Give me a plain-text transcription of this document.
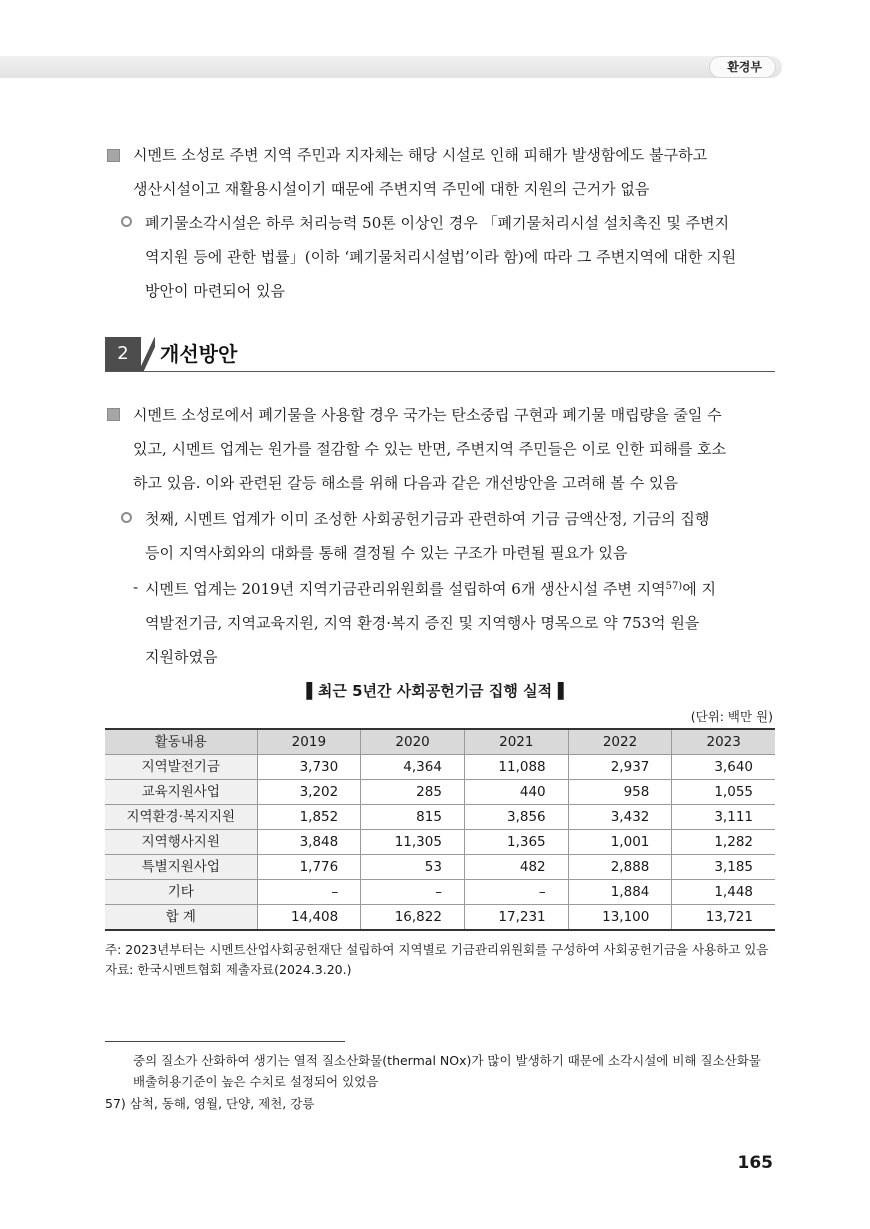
환경부
시멘트 소성로 주변 지역 주민과 지자체는 해당 시설로 인해 피해가 발생함에도 불구하고
생산시설이고 재활용시설이기 때문에 주변지역 주민에 대한 지원의 근거가 없음
폐기물소각시설은 하루 처리능력 50톤 이상인 경우 「폐기물처리시설 설치촉진 및 주변지
역지원 등에 관한 법률」(이하 ‘폐기물처리시설법’이라 함)에 따라 그 주변지역에 대한 지원
방안이 마련되어 있음
2	개선방안
시멘트 소성로에서 폐기물을 사용할 경우 국가는 탄소중립 구현과 폐기물 매립량을 줄일 수
있고, 시멘트 업계는 원가를 절감할 수 있는 반면, 주변지역 주민들은 이로 인한 피해를 호소
하고 있음. 이와 관련된 갈등 해소를 위해 다음과 같은 개선방안을 고려해 볼 수 있음
첫째, 시멘트 업계가 이미 조성한 사회공헌기금과 관련하여 기금 금액산정, 기금의 집행
등이 지역사회와의 대화를 통해 결정될 수 있는 구조가 마련될 필요가 있음
- 시멘트 업계는 2019년 지역기금관리위원회를 설립하여 6개 생산시설 주변 지역$^{57)}$에 지
역발전기금, 지역교육지원, 지역 환경·복지 증진 및 지역행사 명목으로 약 753억 원을
지원하였음
▌최근 5년간 사회공헌기금 집행 실적▐
(단위: 백만 원)
활동내용	2019	2020	2021	2022	2023
지역발전기금	3,730	4,364	11,088	2,937	3,640
교육지원사업	3,202	285	440	958	1,055
지역환경·복지지원	1,852	815	3,856	3,432	3,111
지역행사지원	3,848	11,305	1,365	1,001	1,282
특별지원사업	1,776	53	482	2,888	3,185
기타	–	–	–	1,884	1,448
합 계	14,408	16,822	17,231	13,100	13,721
주: 2023년부터는 시멘트산업사회공헌재단 설립하여 지역별로 기금관리위원회를 구성하여 사회공헌기금을 사용하고 있음
자료: 한국시멘트협회 제출자료(2024.3.20.)
중의 질소가 산화하여 생기는 열적 질소산화물(thermal NOx)가 많이 발생하기 때문에 소각시설에 비해 질소산화물
배출허용기준이 높은 수치로 설정되어 있었음
57) 삼척, 동해, 영월, 단양, 제천, 강릉
165
